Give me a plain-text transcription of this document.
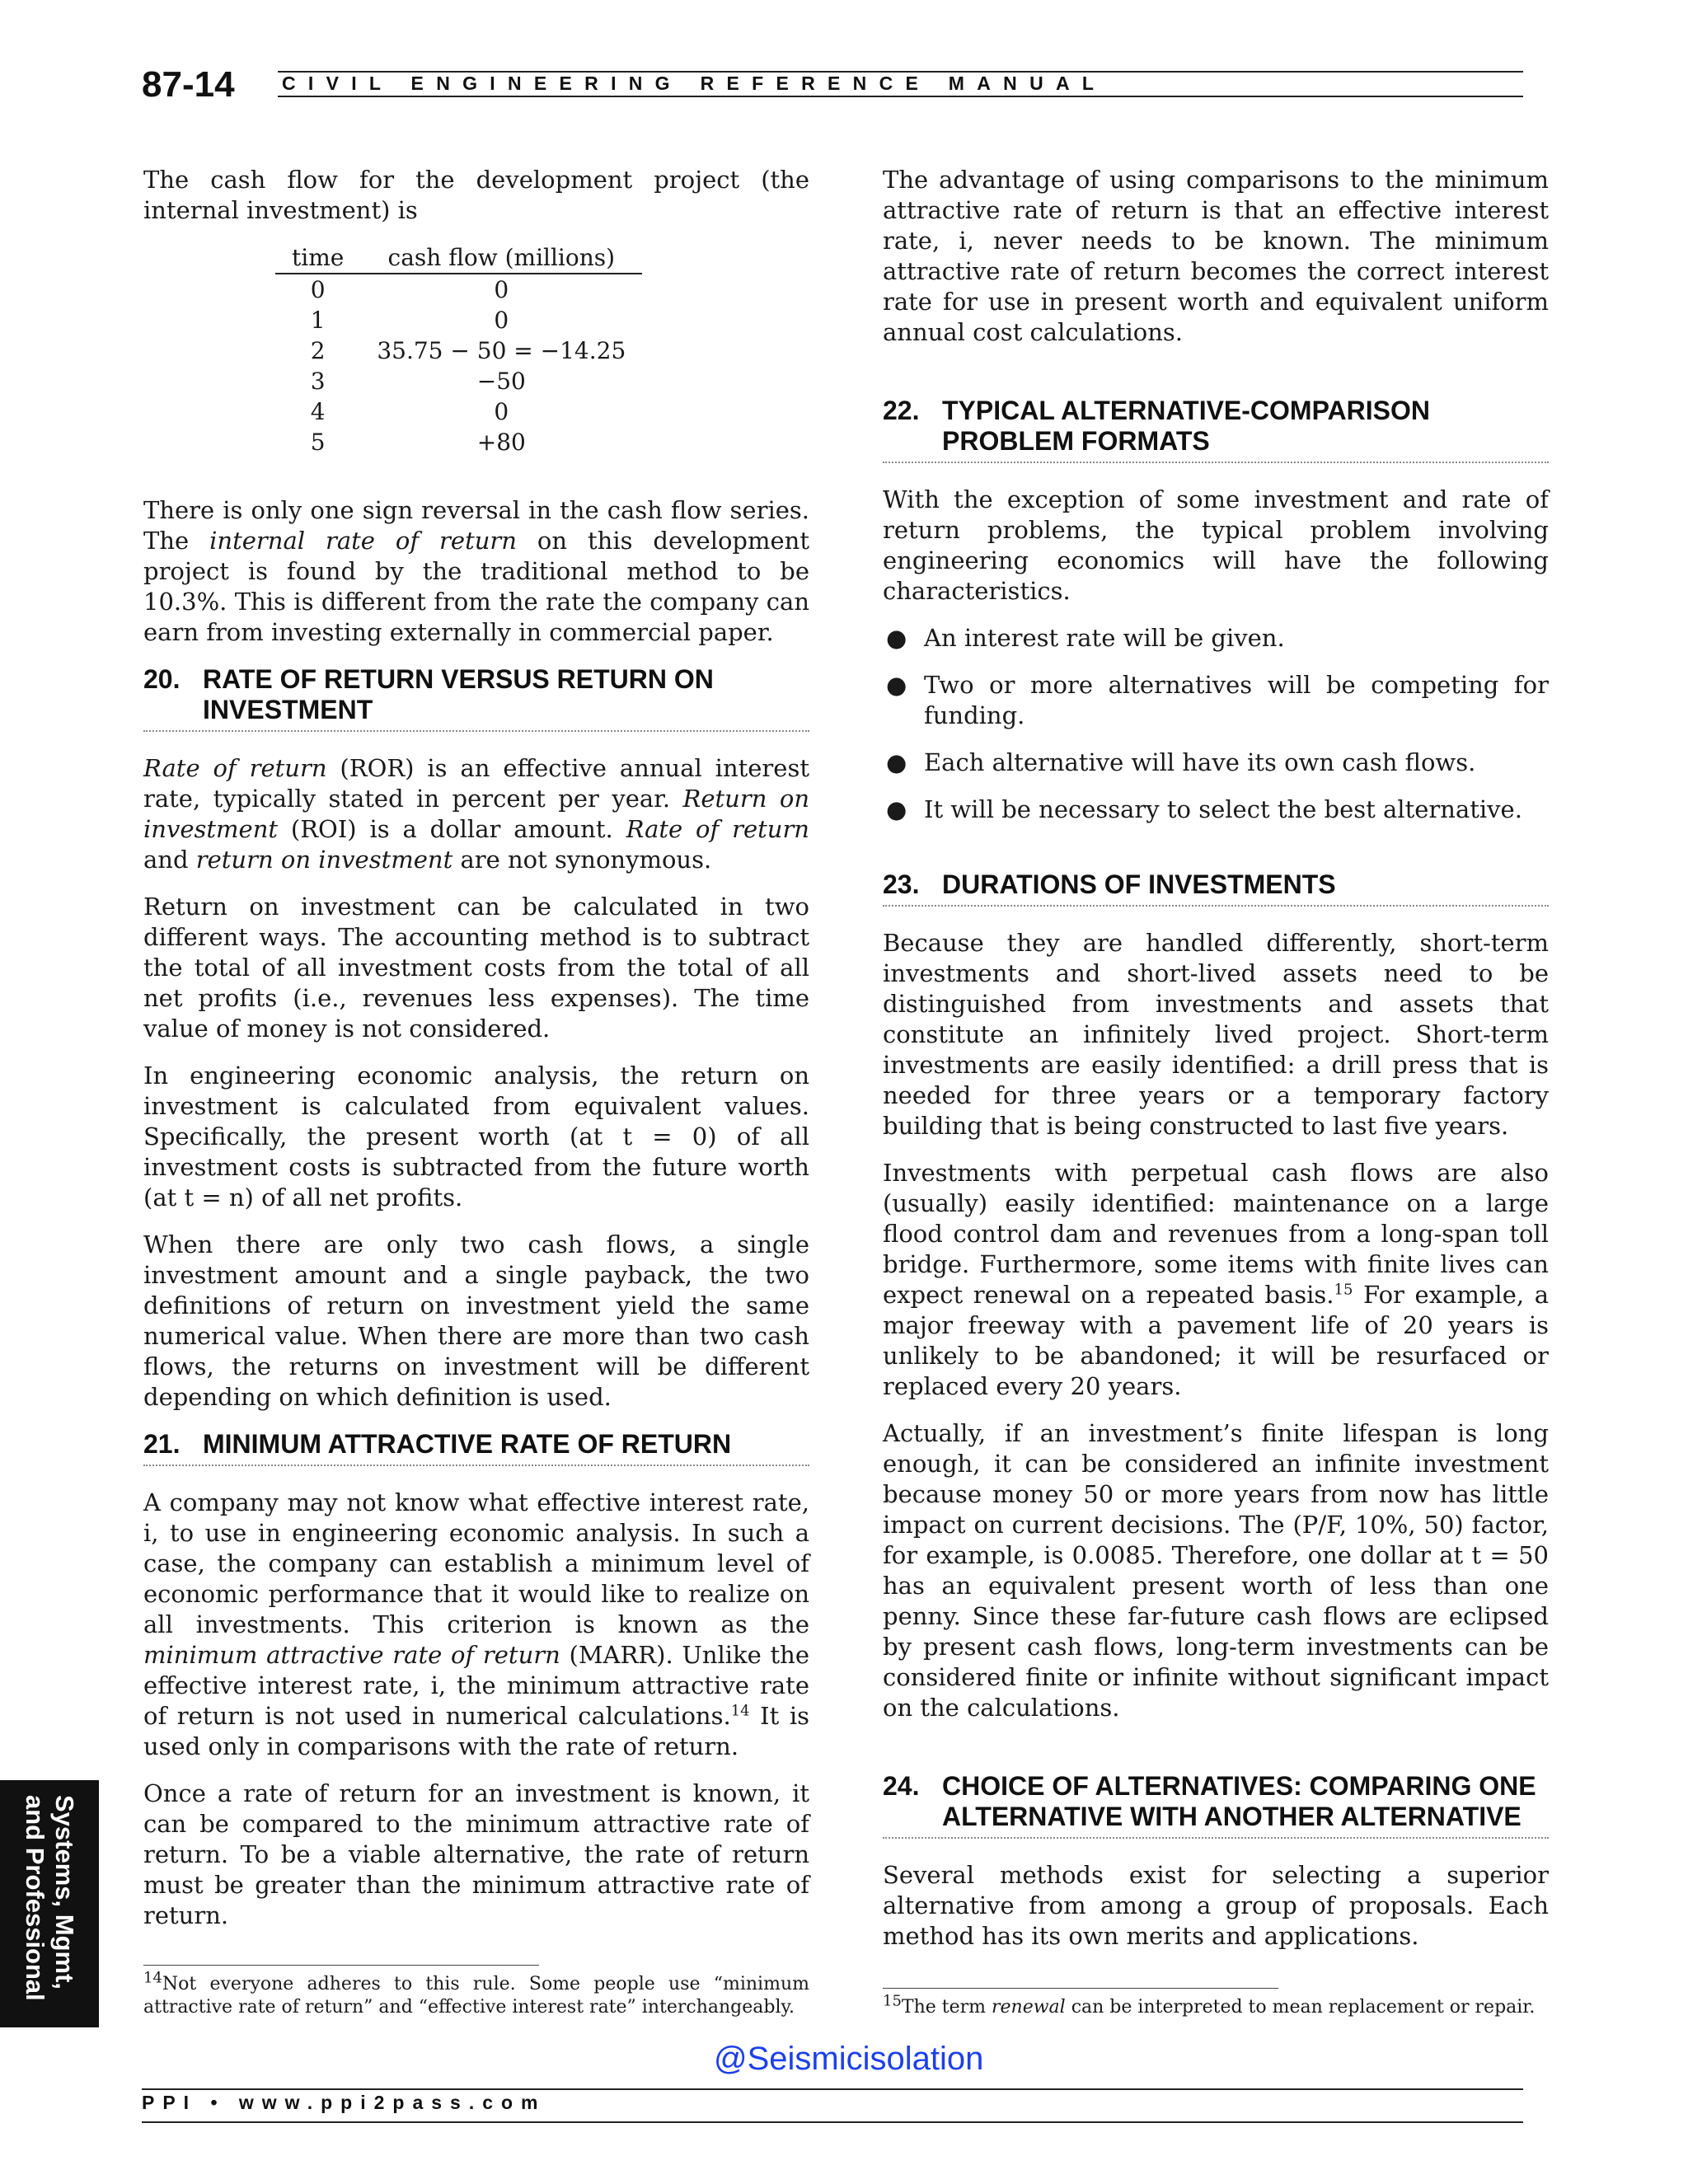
87-14 CIVIL ENGINEERING REFERENCE MANUAL

The cash flow for the development project (the internal investment) is

time	cash flow (millions)
0	0
1	0
2	35.75 − 50 = −14.25
3	−50
4	0
5	+80

There is only one sign reversal in the cash flow series. The internal rate of return on this development project is found by the traditional method to be 10.3%. This is different from the rate the company can earn from investing externally in commercial paper.

20. RATE OF RETURN VERSUS RETURN ON INVESTMENT

Rate of return (ROR) is an effective annual interest rate, typically stated in percent per year. Return on investment (ROI) is a dollar amount. Rate of return and return on investment are not synonymous.

Return on investment can be calculated in two different ways. The accounting method is to subtract the total of all investment costs from the total of all net profits (i.e., revenues less expenses). The time value of money is not considered.

In engineering economic analysis, the return on investment is calculated from equivalent values. Specifically, the present worth (at t = 0) of all investment costs is subtracted from the future worth (at t = n) of all net profits.

When there are only two cash flows, a single investment amount and a single payback, the two definitions of return on investment yield the same numerical value. When there are more than two cash flows, the returns on investment will be different depending on which definition is used.

21. MINIMUM ATTRACTIVE RATE OF RETURN

A company may not know what effective interest rate, i, to use in engineering economic analysis. In such a case, the company can establish a minimum level of economic performance that it would like to realize on all investments. This criterion is known as the minimum attractive rate of return (MARR). Unlike the effective interest rate, i, the minimum attractive rate of return is not used in numerical calculations.$^{14}$ It is used only in comparisons with the rate of return.

Once a rate of return for an investment is known, it can be compared to the minimum attractive rate of return. To be a viable alternative, the rate of return must be greater than the minimum attractive rate of return.

$^{14}$Not everyone adheres to this rule. Some people use “minimum attractive rate of return” and “effective interest rate” interchangeably.

The advantage of using comparisons to the minimum attractive rate of return is that an effective interest rate, i, never needs to be known. The minimum attractive rate of return becomes the correct interest rate for use in present worth and equivalent uniform annual cost calculations.

22. TYPICAL ALTERNATIVE-COMPARISON PROBLEM FORMATS

With the exception of some investment and rate of return problems, the typical problem involving engineering economics will have the following characteristics.

● An interest rate will be given.
● Two or more alternatives will be competing for funding.
● Each alternative will have its own cash flows.
● It will be necessary to select the best alternative.
23. DURATIONS OF INVESTMENTS

Because they are handled differently, short-term investments and short-lived assets need to be distinguished from investments and assets that constitute an infinitely lived project. Short-term investments are easily identified: a drill press that is needed for three years or a temporary factory building that is being constructed to last five years.

Investments with perpetual cash flows are also (usually) easily identified: maintenance on a large flood control dam and revenues from a long-span toll bridge. Furthermore, some items with finite lives can expect renewal on a repeated basis.$^{15}$ For example, a major freeway with a pavement life of 20 years is unlikely to be abandoned; it will be resurfaced or replaced every 20 years.

Actually, if an investment’s finite lifespan is long enough, it can be considered an infinite investment because money 50 or more years from now has little impact on current decisions. The (P/F, 10%, 50) factor, for example, is 0.0085. Therefore, one dollar at t = 50 has an equivalent present worth of less than one penny. Since these far-future cash flows are eclipsed by present cash flows, long-term investments can be considered finite or infinite without significant impact on the calculations.

24. CHOICE OF ALTERNATIVES: COMPARING ONE ALTERNATIVE WITH ANOTHER ALTERNATIVE

Several methods exist for selecting a superior alternative from among a group of proposals. Each method has its own merits and applications.

$^{15}$The term renewal can be interpreted to mean replacement or repair.
Systems, Mgmt,
and Professional
@Seismicisolation
PPI • www.ppi2pass.com
